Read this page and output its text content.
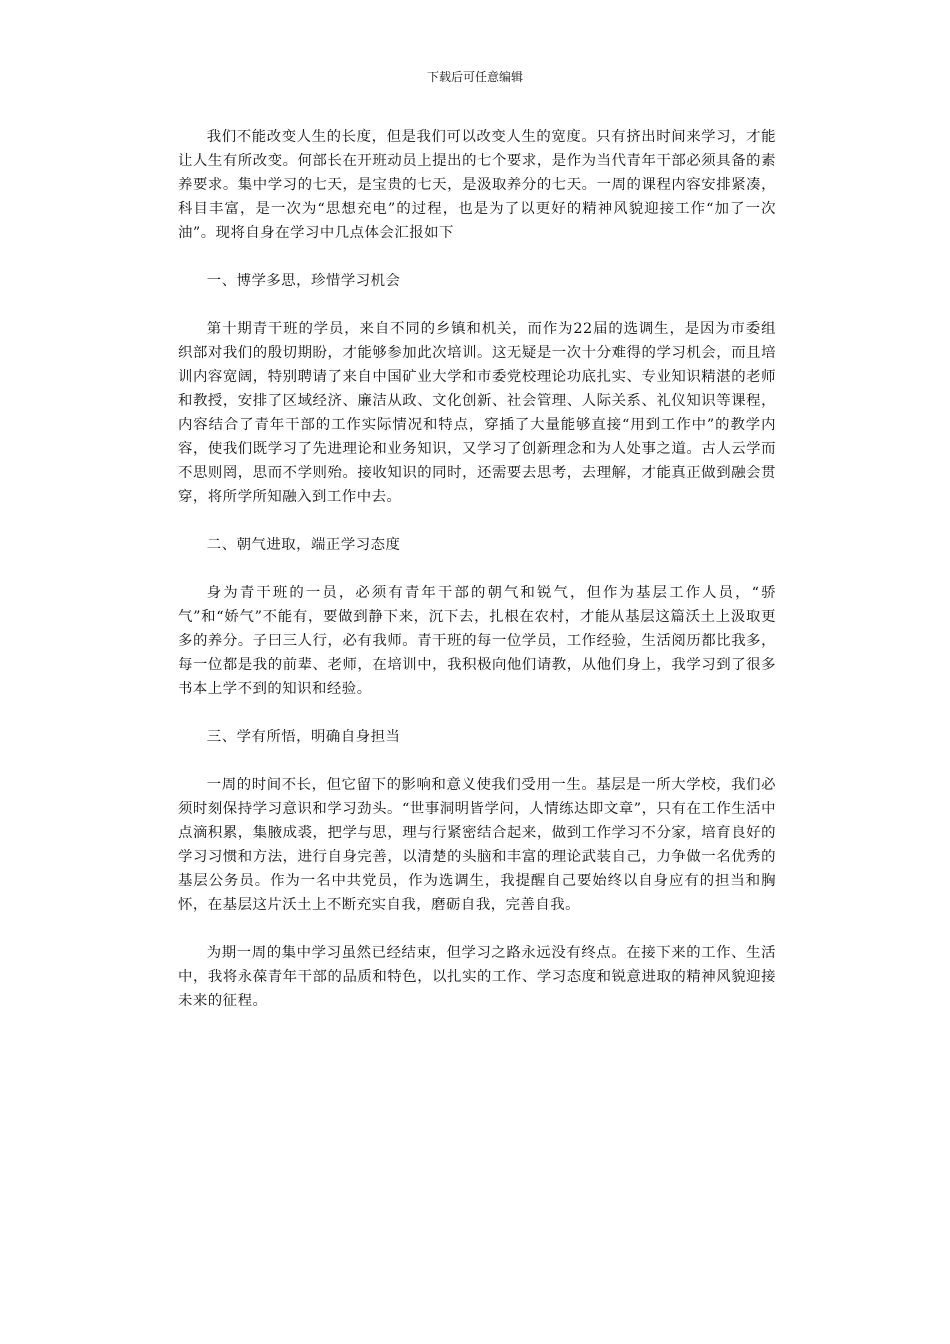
下载后可任意编辑

我们不能改变人生的长度，但是我们可以改变人生的宽度。只有挤出时间来学习，才能让人生有所改变。何部长在开班动员上提出的七个要求，是作为当代青年干部必须具备的素养要求。集中学习的七天，是宝贵的七天，是汲取养分的七天。一周的课程内容安排紧凑，科目丰富，是一次为“思想充电”的过程，也是为了以更好的精神风貌迎接工作“加了一次油”。现将自身在学习中几点体会汇报如下

一、博学多思，珍惜学习机会

第十期青干班的学员，来自不同的乡镇和机关，而作为22届的选调生，是因为市委组织部对我们的殷切期盼，才能够参加此次培训。这无疑是一次十分难得的学习机会，而且培训内容宽阔，特别聘请了来自中国矿业大学和市委党校理论功底扎实、专业知识精湛的老师和教授，安排了区域经济、廉洁从政、文化创新、社会管理、人际关系、礼仪知识等课程，内容结合了青年干部的工作实际情况和特点，穿插了大量能够直接“用到工作中”的教学内容，使我们既学习了先进理论和业务知识，又学习了创新理念和为人处事之道。古人云学而不思则罔，思而不学则殆。接收知识的同时，还需要去思考，去理解，才能真正做到融会贯穿，将所学所知融入到工作中去。

二、朝气进取，端正学习态度

身为青干班的一员，必须有青年干部的朝气和锐气，但作为基层工作人员，“骄气”和“娇气”不能有，要做到静下来，沉下去，扎根在农村，才能从基层这篇沃土上汲取更多的养分。子曰三人行，必有我师。青干班的每一位学员，工作经验，生活阅历都比我多，每一位都是我的前辈、老师，在培训中，我积极向他们请教，从他们身上，我学习到了很多书本上学不到的知识和经验。

三、学有所悟，明确自身担当

一周的时间不长，但它留下的影响和意义使我们受用一生。基层是一所大学校，我们必须时刻保持学习意识和学习劲头。“世事洞明皆学问，人情练达即文章”，只有在工作生活中点滴积累，集腋成裘，把学与思，理与行紧密结合起来，做到工作学习不分家，培育良好的学习习惯和方法，进行自身完善，以清楚的头脑和丰富的理论武装自己，力争做一名优秀的基层公务员。作为一名中共党员，作为选调生，我提醒自己要始终以自身应有的担当和胸怀，在基层这片沃土上不断充实自我，磨砺自我，完善自我。

为期一周的集中学习虽然已经结束，但学习之路永远没有终点。在接下来的工作、生活中，我将永葆青年干部的品质和特色，以扎实的工作、学习态度和锐意进取的精神风貌迎接未来的征程。
